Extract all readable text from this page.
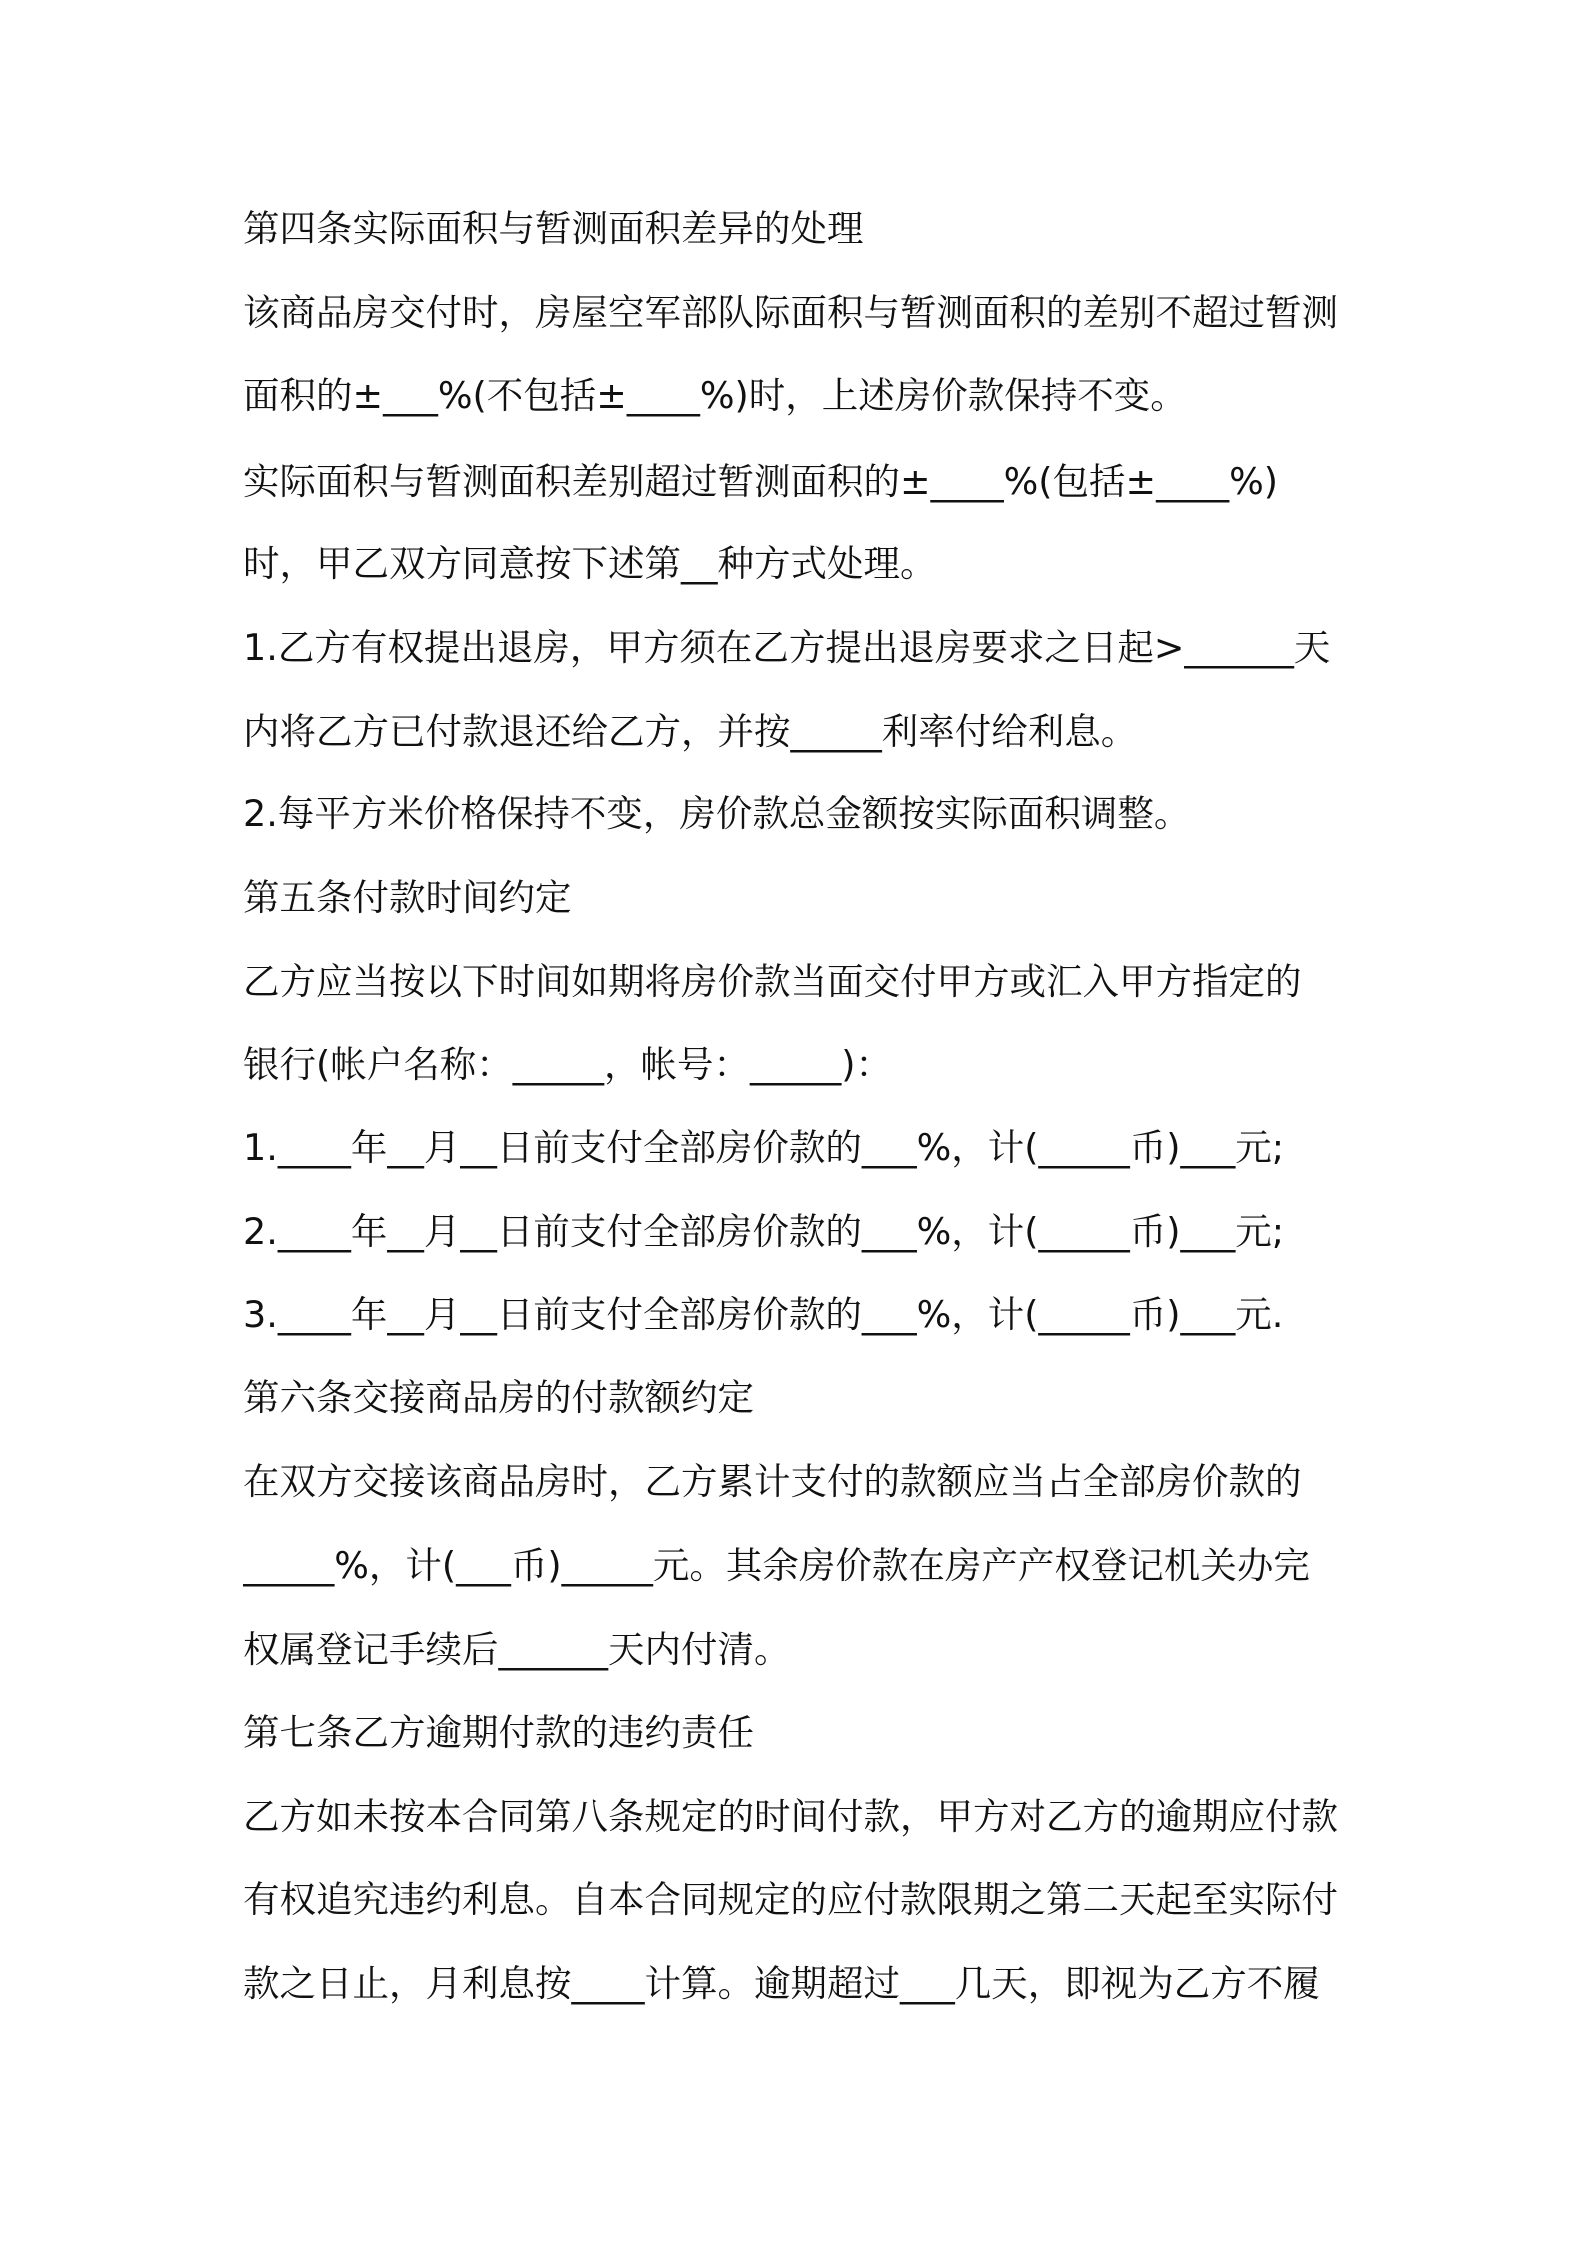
第四条实际面积与暂测面积差异的处理
该商品房交付时，房屋空军部队际面积与暂测面积的差别不超过暂测
面积的±___%(不包括±____%)时，上述房价款保持不变。
实际面积与暂测面积差别超过暂测面积的±____%(包括±____%)
时，甲乙双方同意按下述第__种方式处理。
1.乙方有权提出退房，甲方须在乙方提出退房要求之日起>______天
内将乙方已付款退还给乙方，并按_____利率付给利息。
2.每平方米价格保持不变，房价款总金额按实际面积调整。
第五条付款时间约定
乙方应当按以下时间如期将房价款当面交付甲方或汇入甲方指定的
银行(帐户名称：_____，帐号：_____)：
1.____年__月__日前支付全部房价款的___%，计(_____币)___元;
2.____年__月__日前支付全部房价款的___%，计(_____币)___元;
3.____年__月__日前支付全部房价款的___%，计(_____币)___元.
第六条交接商品房的付款额约定
在双方交接该商品房时，乙方累计支付的款额应当占全部房价款的
_____%，计(___币)_____元。其余房价款在房产产权登记机关办完
权属登记手续后______天内付清。
第七条乙方逾期付款的违约责任
乙方如未按本合同第八条规定的时间付款，甲方对乙方的逾期应付款
有权追究违约利息。自本合同规定的应付款限期之第二天起至实际付
款之日止，月利息按____计算。逾期超过___几天，即视为乙方不履
